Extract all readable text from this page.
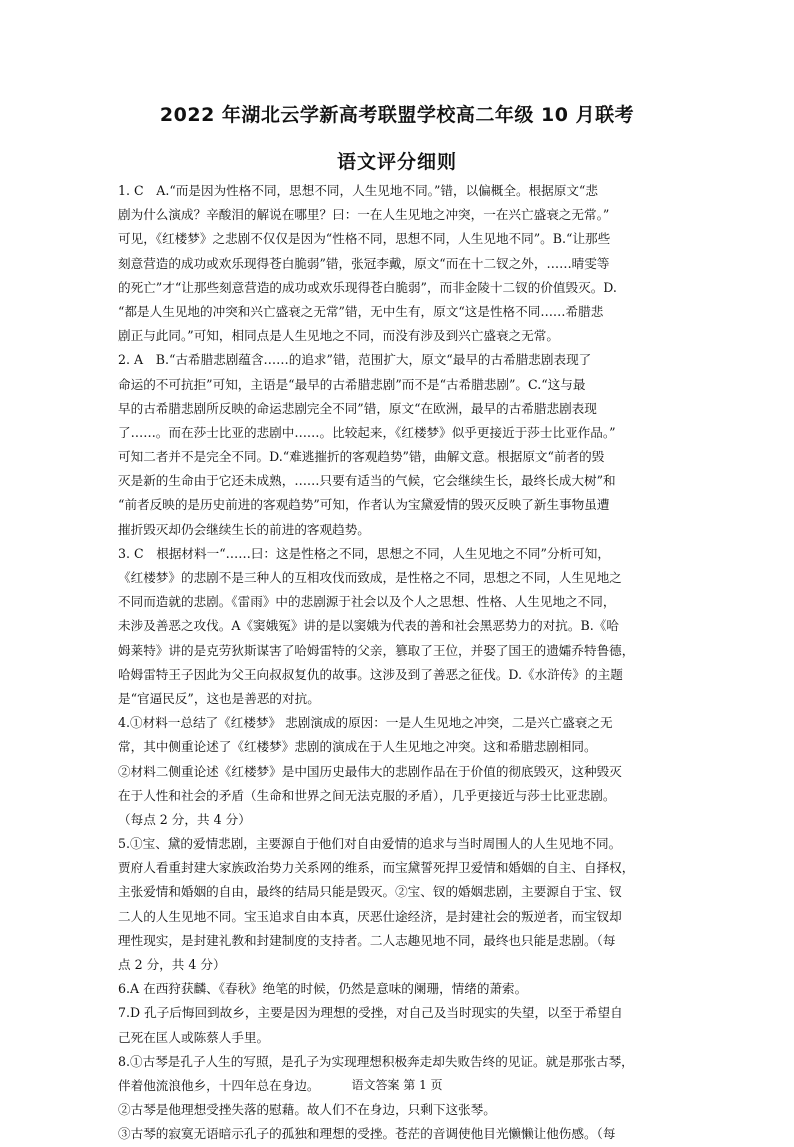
2022 年湖北云学新高考联盟学校高二年级 10 月联考
语文评分细则
1. C　A.“而是因为性格不同，思想不同，人生见地不同。”错，以偏概全。根据原文“悲
剧为什么演成？辛酸泪的解说在哪里？曰：一在人生见地之冲突，一在兴亡盛衰之无常。”
可见，《红楼梦》之悲剧不仅仅是因为“性格不同，思想不同，人生见地不同”。B.“让那些
刻意营造的成功或欢乐现得苍白脆弱”错，张冠李戴，原文“而在十二钗之外，……晴雯等
的死亡”才“让那些刻意营造的成功或欢乐现得苍白脆弱”，而非金陵十二钗的价值毁灭。D.
“都是人生见地的冲突和兴亡盛衰之无常”错，无中生有，原文“这是性格不同……希腊悲
剧正与此同。”可知，相同点是人生见地之不同，而没有涉及到兴亡盛衰之无常。
2. A　B.“古希腊悲剧蕴含……的追求”错，范围扩大，原文“最早的古希腊悲剧表现了
命运的不可抗拒”可知，主语是“最早的古希腊悲剧”而不是“古希腊悲剧”。C.“这与最
早的古希腊悲剧所反映的命运悲剧完全不同”错，原文“在欧洲，最早的古希腊悲剧表现
了……。而在莎士比亚的悲剧中……。比较起来，《红楼梦》似乎更接近于莎士比亚作品。”
可知二者并不是完全不同。D.“难逃摧折的客观趋势”错，曲解文意。根据原文“前者的毁
灭是新的生命由于它还未成熟，……只要有适当的气候，它会继续生长，最终长成大树”和
“前者反映的是历史前进的客观趋势”可知，作者认为宝黛爱情的毁灭反映了新生事物虽遭
摧折毁灭却仍会继续生长的前进的客观趋势。
3. C　根据材料一“……曰：这是性格之不同，思想之不同，人生见地之不同”分析可知，
《红楼梦》的悲剧不是三种人的互相攻伐而致成，是性格之不同，思想之不同，人生见地之
不同而造就的悲剧。《雷雨》中的悲剧源于社会以及个人之思想、性格、人生见地之不同，
未涉及善恶之攻伐。A《窦娥冤》讲的是以窦娥为代表的善和社会黑恶势力的对抗。B.《哈
姆莱特》讲的是克劳狄斯谋害了哈姆雷特的父亲，篡取了王位，并娶了国王的遗孀乔特鲁德，
哈姆雷特王子因此为父王向叔叔复仇的故事。这涉及到了善恶之征伐。D.《水浒传》的主题
是“官逼民反”，这也是善恶的对抗。
4.①材料一总结了《红楼梦》 悲剧演成的原因：一是人生见地之冲突，二是兴亡盛衰之无
常，其中侧重论述了《红楼梦》悲剧的演成在于人生见地之冲突。这和希腊悲剧相同。
②材料二侧重论述《红楼梦》是中国历史最伟大的悲剧作品在于价值的彻底毁灭，这种毁灭
在于人性和社会的矛盾（生命和世界之间无法克服的矛盾），几乎更接近与莎士比亚悲剧。
（每点 2 分，共 4 分）
5.①宝、黛的爱情悲剧，主要源自于他们对自由爱情的追求与当时周围人的人生见地不同。
贾府人看重封建大家族政治势力关系网的维系，而宝黛誓死捍卫爱情和婚姻的自主、自择权，
主张爱情和婚姻的自由，最终的结局只能是毁灭。②宝、钗的婚姻悲剧，主要源自于宝、钗
二人的人生见地不同。宝玉追求自由本真，厌恶仕途经济，是封建社会的叛逆者，而宝钗却
理性现实，是封建礼教和封建制度的支持者。二人志趣见地不同，最终也只能是悲剧。（每
点 2 分，共 4 分）
6.A 在西狩获麟、《春秋》绝笔的时候，仍然是意味的阑珊，情绪的萧索。
7.D 孔子后悔回到故乡，主要是因为理想的受挫，对自己及当时现实的失望，以至于希望自
己死在匡人或陈蔡人手里。
8.①古琴是孔子人生的写照，是孔子为实现理想积极奔走却失败告终的见证。就是那张古琴，
伴着他流浪他乡，十四年总在身边。
②古琴是他理想受挫失落的慰藉。故人们不在身边，只剩下这张琴。
③古琴的寂寞无语暗示孔子的孤独和理想的受挫。苍茫的音调使他目光懒懒让他伤感。（每
语文答案 第 1 页
